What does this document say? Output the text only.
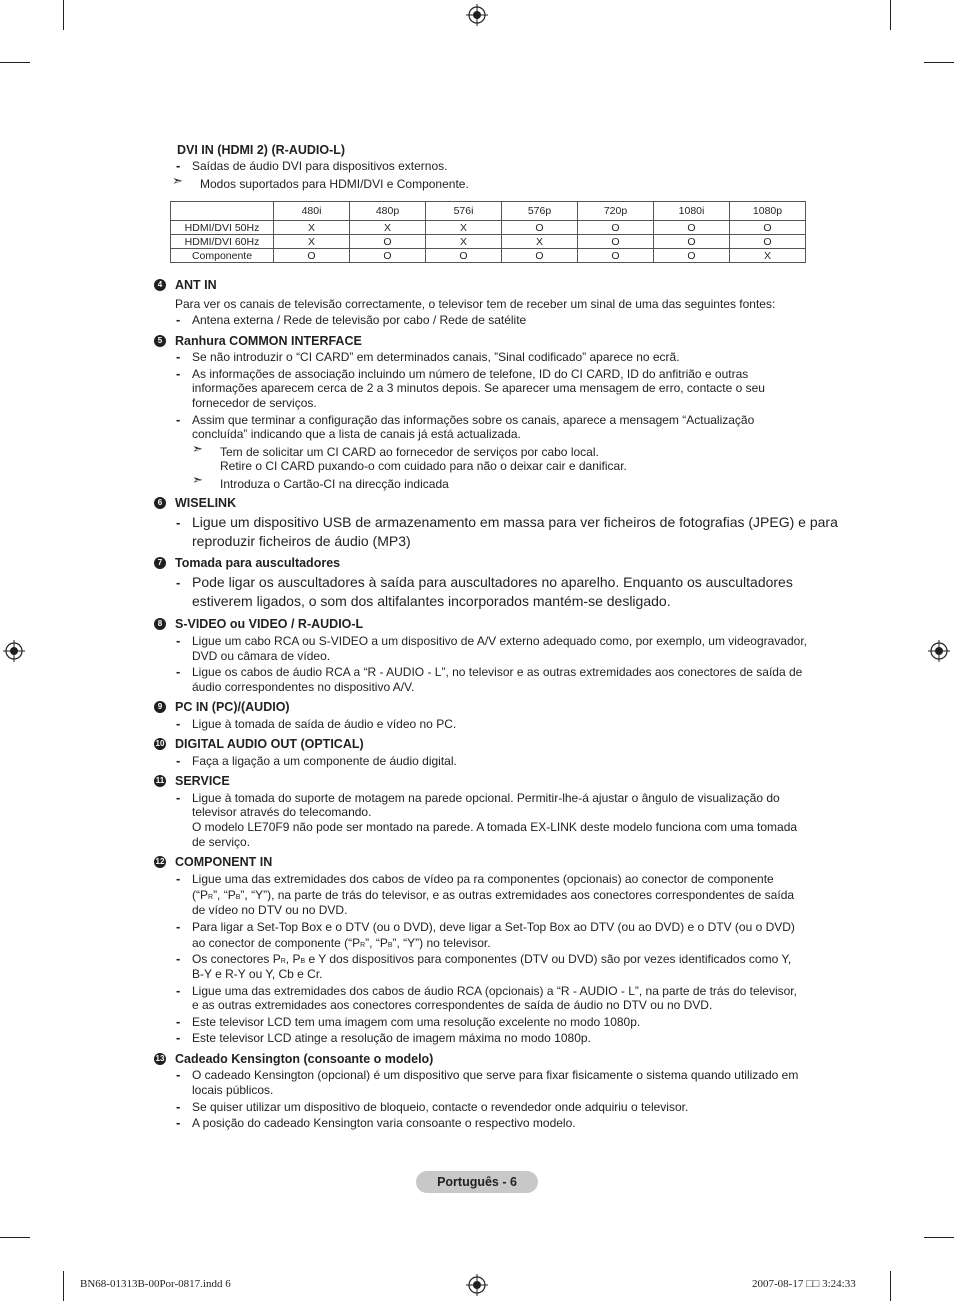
DVI IN (HDMI 2) (R-AUDIO-L)
- Saídas de áudio DVI para dispositivos externos.
➣ Modos suportados para HDMI/DVI e Componente.
	480i	480p	576i	576p	720p	1080i	1080p
HDMI/DVI 50Hz	X	X	X	O	O	O	O
HDMI/DVI 60Hz	X	O	X	X	O	O	O
Componente	O	O	O	O	O	O	X
4	ANT IN
Para ver os canais de televisão correctamente, o televisor tem de receber um sinal de uma das seguintes fontes:
- Antena externa / Rede de televisão por cabo / Rede de satélite
5	Ranhura COMMON INTERFACE
- Se não introduzir o “CI CARD” em determinados canais, ”Sinal codificado” aparece no ecrã.
- As informações de associação incluindo um número de telefone, ID do CI CARD, ID do anfitrião e outras
informações aparecem cerca de 2 a 3 minutos depois. Se aparecer uma mensagem de erro, contacte o seu
fornecedor de serviços.
- Assim que terminar a configuração das informações sobre os canais, aparece a mensagem “Actualização
concluída” indicando que a lista de canais já está actualizada.
➣ Tem de solicitar um CI CARD ao fornecedor de serviços por cabo local.
Retire o CI CARD puxando-o com cuidado para não o deixar cair e danificar.
➣ Introduza o Cartão-CI na direcção indicada
6	WISELINK
- Ligue um dispositivo USB de armazenamento em massa para ver ficheiros de fotografias (JPEG) e para
reproduzir ficheiros de áudio (MP3)
7	Tomada para auscultadores
- Pode ligar os auscultadores à saída para auscultadores no aparelho. Enquanto os auscultadores
estiverem ligados, o som dos altifalantes incorporados mantém-se desligado.
8	S-VIDEO ou VIDEO / R-AUDIO-L
- Ligue um cabo RCA ou S-VIDEO a um dispositivo de A/V externo adequado como, por exemplo, um videogravador,
DVD ou câmara de vídeo.
- Ligue os cabos de áudio RCA a “R - AUDIO - L”, no televisor e as outras extremidades aos conectores de saída de
áudio correspondentes no dispositivo A/V.
9	PC IN (PC)/(AUDIO)
- Ligue à tomada de saída de áudio e vídeo no PC.
10 DIGITAL AUDIO OUT (OPTICAL)
- Faça a ligação a um componente de áudio digital.
11 SERVICE
- Ligue à tomada do suporte de motagem na parede opcional. Permitir-lhe-á ajustar o ângulo de visualização do
televisor através do telecomando.
O modelo LE70F9 não pode ser montado na parede. A tomada EX-LINK deste modelo funciona com uma tomada
de serviço.
12 COMPONENT IN
- Ligue uma das extremidades dos cabos de vídeo pa ra componentes (opcionais) ao conector de componente
(“PR”, “PB”, “Y”), na parte de trás do televisor, e as outras extremidades aos conectores correspondentes de saída
de vídeo no DTV ou no DVD.
- Para ligar a Set-Top Box e o DTV (ou o DVD), deve ligar a Set-Top Box ao DTV (ou ao DVD) e o DTV (ou o DVD)
ao conector de componente (“PR”, “PB”, “Y”) no televisor.
- Os conectores PR, PB e Y dos dispositivos para componentes (DTV ou DVD) são por vezes identificados como Y,
B-Y e R-Y ou Y, Cb e Cr.
- Ligue uma das extremidades dos cabos de áudio RCA (opcionais) a “R - AUDIO - L”, na parte de trás do televisor,
e as outras extremidades aos conectores correspondentes de saída de áudio no DTV ou no DVD.
- Este televisor LCD tem uma imagem com uma resolução excelente no modo 1080p.
- Este televisor LCD atinge a resolução de imagem máxima no modo 1080p.
13 Cadeado Kensington (consoante o modelo)
- O cadeado Kensington (opcional) é um dispositivo que serve para fixar fisicamente o sistema quando utilizado em
locais públicos.
- Se quiser utilizar um dispositivo de bloqueio, contacte o revendedor onde adquiriu o televisor.
- A posição do cadeado Kensington varia consoante o respectivo modelo.
Português - 6
BN68-01313B-00Por-0817.indd 6	2007-08-17 □□ 3:24:33
